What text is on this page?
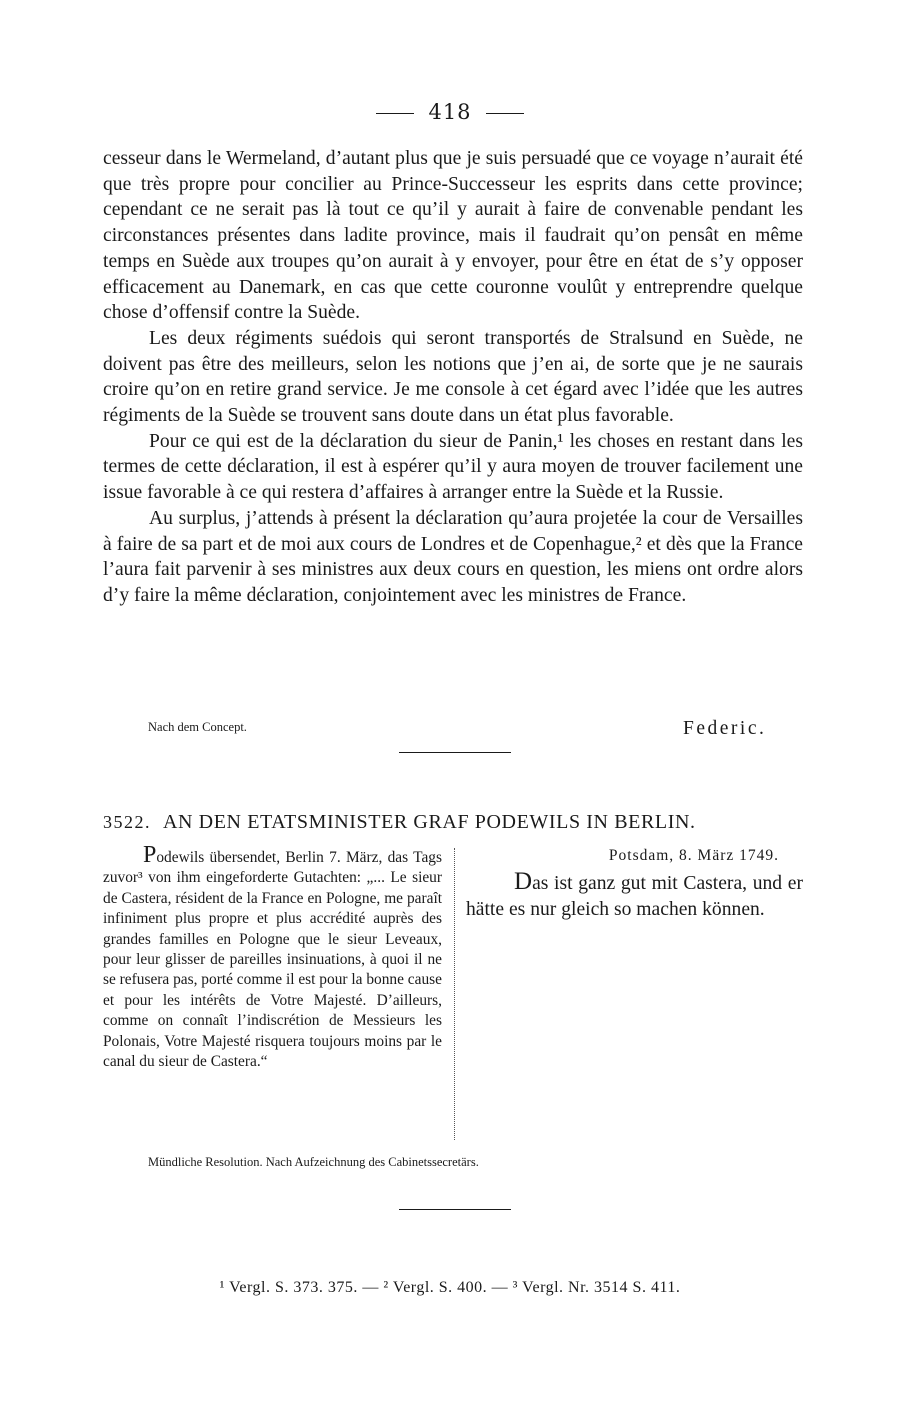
418

cesseur dans le Wermeland, d’autant plus que je suis persuadé que ce voyage n’aurait été que très propre pour concilier au Prince-Successeur les esprits dans cette province; cependant ce ne serait pas là tout ce qu’il y aurait à faire de convenable pendant les circonstances présentes dans ladite province, mais il faudrait qu’on pensât en même temps en Suède aux troupes qu’on aurait à y envoyer, pour être en état de s’y opposer efficacement au Danemark, en cas que cette couronne voulût y entreprendre quelque chose d’offensif contre la Suède.

Les deux régiments suédois qui seront transportés de Stralsund en Suède, ne doivent pas être des meilleurs, selon les notions que j’en ai, de sorte que je ne saurais croire qu’on en retire grand service. Je me console à cet égard avec l’idée que les autres régiments de la Suède se trouvent sans doute dans un état plus favorable.

Pour ce qui est de la déclaration du sieur de Panin,¹ les choses en restant dans les termes de cette déclaration, il est à espérer qu’il y aura moyen de trouver facilement une issue favorable à ce qui restera d’affaires à arranger entre la Suède et la Russie.

Au surplus, j’attends à présent la déclaration qu’aura projetée la cour de Versailles à faire de sa part et de moi aux cours de Londres et de Copenhague,² et dès que la France l’aura fait parvenir à ses ministres aux deux cours en question, les miens ont ordre alors d’y faire la même déclaration, conjointement avec les ministres de France.

Nach dem Concept.	Federic.
3522. AN DEN ETATSMINISTER GRAF PODEWILS IN BERLIN.

Podewils übersendet, Berlin 7. März, das Tags zuvor³ von ihm eingeforderte Gutachten: „... Le sieur de Castera, résident de la France en Pologne, me paraît infiniment plus propre et plus accrédité auprès des grandes familles en Pologne que le sieur Leveaux, pour leur glisser de pareilles insinuations, à quoi il ne se refusera pas, porté comme il est pour la bonne cause et pour les intérêts de Votre Majesté. D’ailleurs, comme on connaît l’indiscrétion de Messieurs les Polonais, Votre Majesté risquera toujours moins par le canal du sieur de Castera.“

Potsdam, 8. März 1749.

Das ist ganz gut mit Castera, und er hätte es nur gleich so machen können.

Mündliche Resolution. Nach Aufzeichnung des Cabinetssecretärs.
¹ Vergl. S. 373. 375. — ² Vergl. S. 400. — ³ Vergl. Nr. 3514 S. 411.
